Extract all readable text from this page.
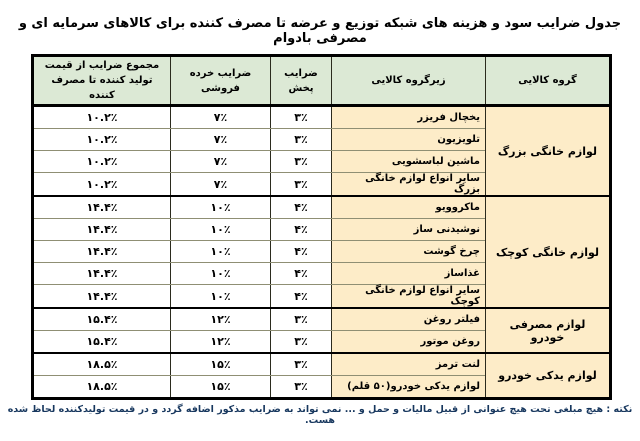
جدول ضرایب سود و هزینه های شبکه توزیع و عرضه تا مصرف کننده برای کالاهای سرمایه ای و مصرفی بادوام
گروه کالایی	زیرگروه کالایی	ضرایب پخش	ضرایب خرده فروشی	مجموع ضرایب از قیمت تولید کننده تا مصرف کننده
لوازم خانگی بزرگ	یخچال فریزر	۳٪	۷٪	۱۰.۲٪
	تلویزیون	۳٪	۷٪	۱۰.۲٪
	ماشین لباسشویی	۳٪	۷٪	۱۰.۲٪
	سایر انواع لوازم خانگی بزرگ	۳٪	۷٪	۱۰.۲٪
لوازم خانگی کوچک	ماکروویو	۴٪	۱۰٪	۱۴.۴٪
	نوشیدنی ساز	۴٪	۱۰٪	۱۴.۴٪
	چرخ گوشت	۴٪	۱۰٪	۱۴.۴٪
	غذاساز	۴٪	۱۰٪	۱۴.۴٪
	سایر انواع لوازم خانگی کوچک	۴٪	۱۰٪	۱۴.۴٪
لوازم مصرفی خودرو	فیلتر روغن	۳٪	۱۲٪	۱۵.۴٪
	روغن موتور	۳٪	۱۲٪	۱۵.۴٪
لوازم یدکی خودرو	لنت ترمز	۳٪	۱۵٪	۱۸.۵٪
	لوازم یدکی خودرو(۵۰ قلم)	۳٪	۱۵٪	۱۸.۵٪
نکته : هیچ مبلغی تحت هیچ عنوانی از قبیل مالیات و حمل و ... نمی تواند به ضرایب مذکور اضافه گردد و در قیمت تولیدکننده لحاظ شده هست.
